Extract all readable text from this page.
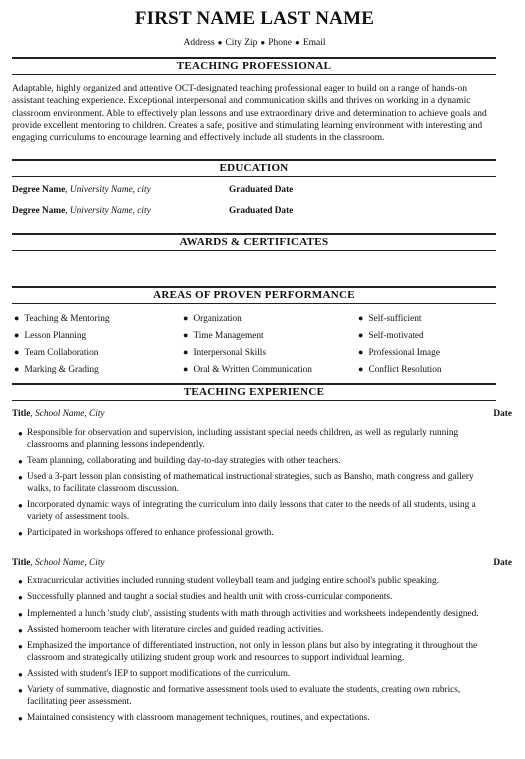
FIRST NAME LAST NAME
Address ● City Zip ● Phone ● Email
TEACHING PROFESSIONAL
Adaptable, highly organized and attentive OCT-designated teaching professional eager to build on a range of hands-on assistant teaching experience. Exceptional interpersonal and communication skills and thrives on working in a dynamic classroom environment. Able to effectively plan lessons and use extraordinary drive and determination to achieve goals and provide excellent mentoring to children. Creates a safe, positive and stimulating learning environment with interesting and engaging curriculums to encourage learning and effectively include all students in the classroom.
EDUCATION
Degree Name, University Name, city	Graduated Date
Degree Name, University Name, city	Graduated Date
AWARDS & CERTIFICATES
AREAS OF PROVEN PERFORMANCE
● Teaching & Mentoring
● Lesson Planning
● Team Collaboration
● Marking & Grading
● Organization
● Time Management
● Interpersonal Skills
● Oral & Written Communication
● Self-sufficient
● Self-motivated
● Professional Image
● Conflict Resolution
TEACHING EXPERIENCE
Title, School Name, City	Date
● Responsible for observation and supervision, including assistant special needs children, as well as regularly running classrooms and planning lessons independently.
● Team planning, collaborating and building day-to-day strategies with other teachers.
● Used a 3-part lesson plan consisting of mathematical instructional strategies, such as Bansho, math congress and gallery walks, to facilitate classroom discussion.
● Incorporated dynamic ways of integrating the curriculum into daily lessons that cater to the needs of all students, using a variety of assessment tools.
● Participated in workshops offered to enhance professional growth.
Title, School Name, City	Date
● Extracurricular activities included running student volleyball team and judging entire school's public speaking.
● Successfully planned and taught a social studies and health unit with cross-curricular components.
● Implemented a lunch 'study club', assisting students with math through activities and worksheets independently designed.
● Assisted homeroom teacher with literature circles and guided reading activities.
● Emphasized the importance of differentiated instruction, not only in lesson plans but also by integrating it throughout the classroom and strategically utilizing student group work and resources to support individual learning.
● Assisted with student's IEP to support modifications of the curriculum.
● Variety of summative, diagnostic and formative assessment tools used to evaluate the students, creating own rubrics, facilitating peer assessment.
● Maintained consistency with classroom management techniques, routines, and expectations.
